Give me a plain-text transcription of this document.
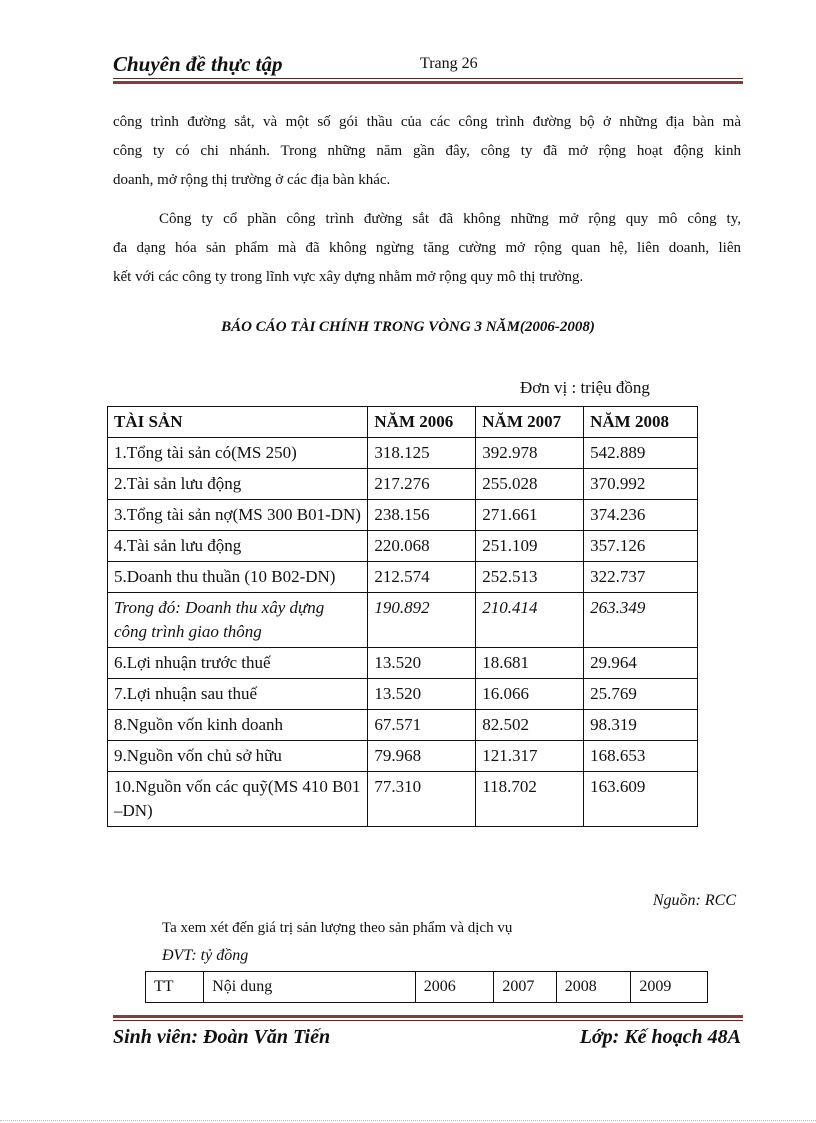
Chuyên đề thực tập	Trang 26
công trình đường sắt, và một số gói thầu của các công trình đường bộ ở những địa bàn mà
công ty có chi nhánh. Trong những năm gần đây, công ty đã mở rộng hoạt động kinh
doanh, mở rộng thị trường ở các địa bàn khác.
Công ty cổ phần công trình đường sắt đã không những mở rộng quy mô công ty,
đa dạng hóa sản phẩm mà đã không ngừng tăng cường mở rộng quan hệ, liên doanh, liên
kết với các công ty trong lĩnh vực xây dựng nhằm mở rộng quy mô thị trường.
BÁO CÁO TÀI CHÍNH TRONG VÒNG 3 NĂM(2006-2008)
Đơn vị : triệu đồng
TÀI SẢN	NĂM 2006	NĂM 2007	NĂM 2008
1.Tổng tài sản có(MS 250)	318.125	392.978	542.889
2.Tài sản lưu động	217.276	255.028	370.992
3.Tổng tài sản nợ(MS 300 B01-DN)	238.156	271.661	374.236
4.Tài sản lưu động	220.068	251.109	357.126
5.Doanh thu thuần (10 B02-DN)	212.574	252.513	322.737
Trong đó: Doanh thu xây dựng công trình giao thông	190.892	210.414	263.349
6.Lợi nhuận trước thuế	13.520	18.681	29.964
7.Lợi nhuận sau thuế	13.520	16.066	25.769
8.Nguồn vốn kinh doanh	67.571	82.502	98.319
9.Nguồn vốn chủ sở hữu	79.968	121.317	168.653
10.Nguồn vốn các quỹ(MS 410 B01 –DN)	77.310	118.702	163.609
Nguồn: RCC
Ta xem xét đến giá trị sản lượng theo sản phẩm và dịch vụ
ĐVT: tỷ đồng
TT	Nội dung	2006	2007	2008	2009
Sinh viên: Đoàn Văn Tiến	Lớp: Kế hoạch 48A
